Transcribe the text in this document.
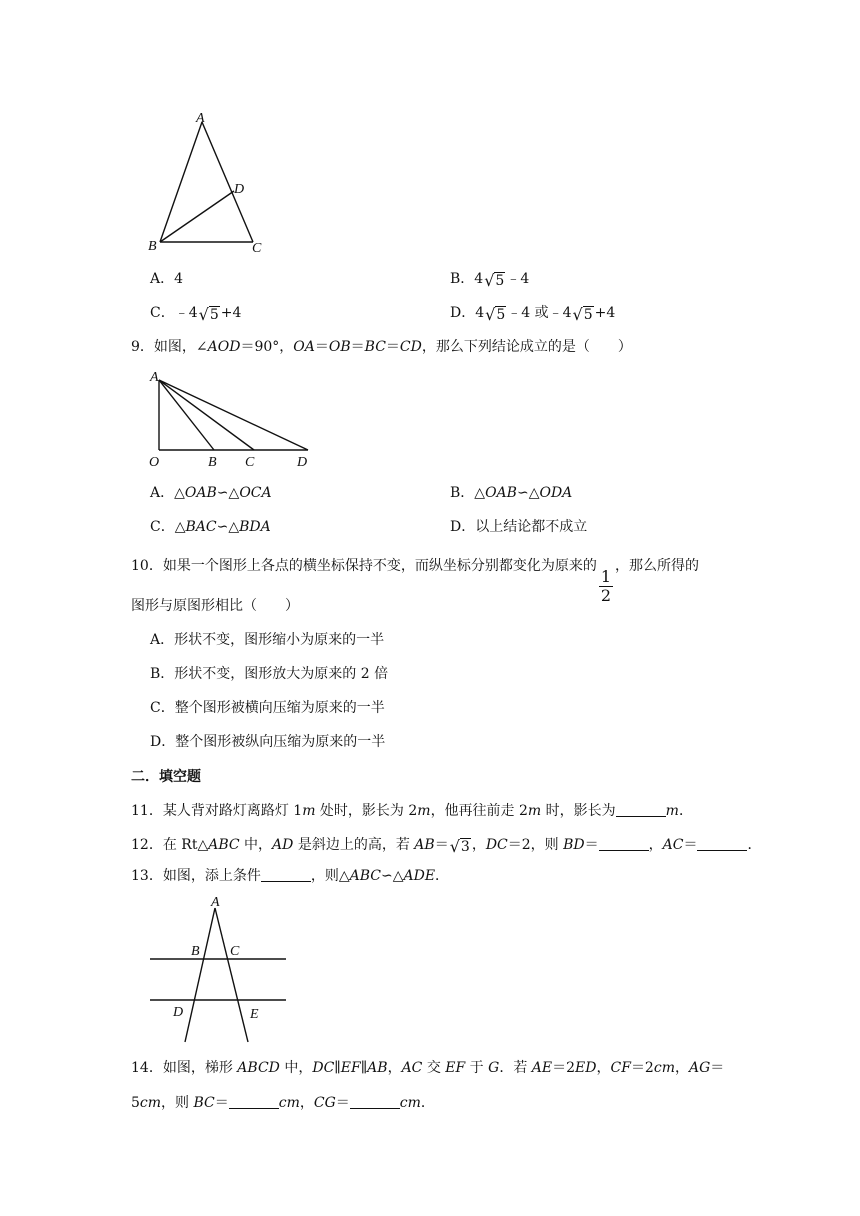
A
D
B	C
A．4	B．4 √ 5 ﹣4
C．﹣4 √ 5 +4	D．4 √ 5 ﹣4 或﹣4 √ 5 +4
9．如图，∠AOD＝90°，OA＝OB＝BC＝CD，那么下列结论成立的是（　　）
A
O	B C	D
A．△OAB∽△OCA	B．△OAB∽△ODA
C．△BAC∽△BDA	D．以上结论都不成立
10．如果一个图形上各点的横坐标保持不变，而纵坐标分别都变化为原来的
$\frac{1}{2}$
，那么所得的
图形与原图形相比（　　）
A．形状不变，图形缩小为原来的一半
B．形状不变，图形放大为原来的 2 倍
C．整个图形被横向压缩为原来的一半
D．整个图形被纵向压缩为原来的一半
二．填空题
11．某人背对路灯离路灯 1m 处时，影长为 2m，他再往前走 2m 时，影长为	m．
12．在 Rt△ABC 中，AD 是斜边上的高，若 AB＝ √ 3 ，DC＝2，则 BD＝	，AC＝	．
13．如图，添上条件	，则△ABC∽△ADE．
A
B C
D	E
14．如图，梯形 ABCD 中，DC∥EF∥AB，AC 交 EF 于 G．若 AE＝2ED，CF＝2cm，AG＝
5cm，则 BC＝	cm，CG＝	cm．
